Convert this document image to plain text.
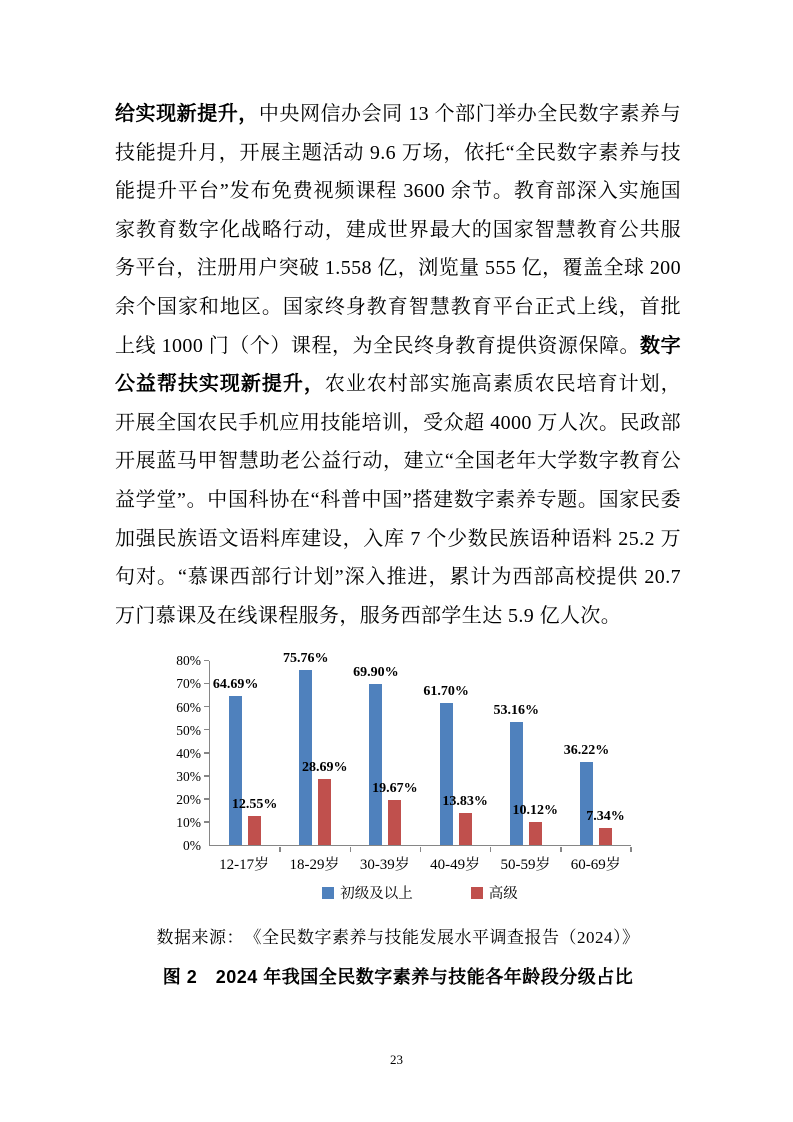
给实现新提升，中央网信办会同 13 个部门举办全民数字素养与技能提升月，开展主题活动 9.6 万场，依托“全民数字素养与技能提升平台”发布免费视频课程 3600 余节。教育部深入实施国家教育数字化战略行动，建成世界最大的国家智慧教育公共服务平台，注册用户突破 1.558 亿，浏览量 555 亿，覆盖全球 200 余个国家和地区。国家终身教育智慧教育平台正式上线，首批上线 1000 门（个）课程，为全民终身教育提供资源保障。数字公益帮扶实现新提升，农业农村部实施高素质农民培育计划，开展全国农民手机应用技能培训，受众超 4000 万人次。民政部开展蓝马甲智慧助老公益行动，建立“全国老年大学数字教育公益学堂”。中国科协在“科普中国”搭建数字素养专题。国家民委加强民族语文语料库建设，入库 7 个少数民族语种语料 25.2 万句对。“慕课西部行计划”深入推进，累计为西部高校提供 20.7 万门慕课及在线课程服务，服务西部学生达 5.9 亿人次。

0%
10%
20%
30%
40%
50%
60%
70%
80%
64.69%
12.55%
75.76%
28.69%
69.90%
19.67%
61.70%
13.83%
53.16%
10.12%
36.22%
7.34%
12-17岁	18-29岁	30-39岁	40-49岁	50-59岁	60-69岁
初级及以上	高级
数据来源：　《全民数字素养与技能发展水平调查报告（2024）》
图 2　2024 年我国全民数字素养与技能各年龄段分级占比
23
